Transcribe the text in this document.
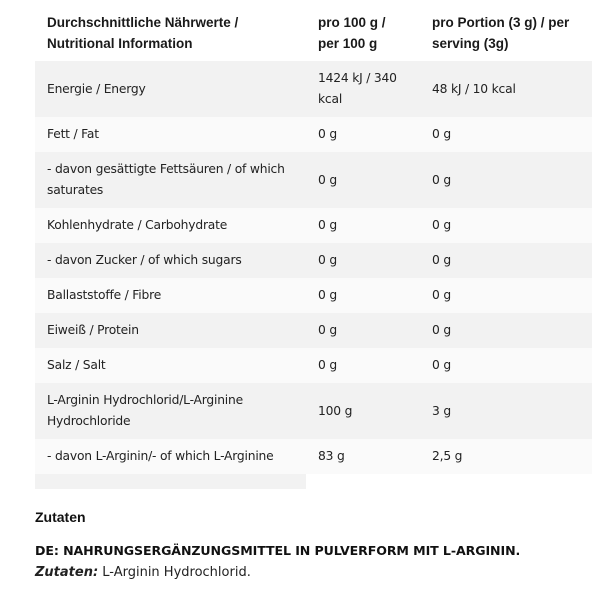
Durchschnittliche Nährwerte / Nutritional Information	pro 100 g / per 100 g	pro Portion (3 g) / per serving (3g)
Energie / Energy	1424 kJ / 340 kcal	48 kJ / 10 kcal
Fett / Fat	0 g	0 g
- davon gesättigte Fettsäuren / of which saturates	0 g	0 g
Kohlenhydrate / Carbohydrate	0 g	0 g
- davon Zucker / of which sugars	0 g	0 g
Ballaststoffe / Fibre	0 g	0 g
Eiweiß / Protein	0 g	0 g
Salz / Salt	0 g	0 g
L-Arginin Hydrochlorid/L-Arginine Hydrochloride	100 g	3 g
- davon L-Arginin/- of which L-Arginine	83 g	2,5 g

Zutaten

DE: NAHRUNGSERGÄNZUNGSMITTEL IN PULVERFORM MIT L-ARGININ.

Zutaten: L-Arginin Hydrochlorid.
